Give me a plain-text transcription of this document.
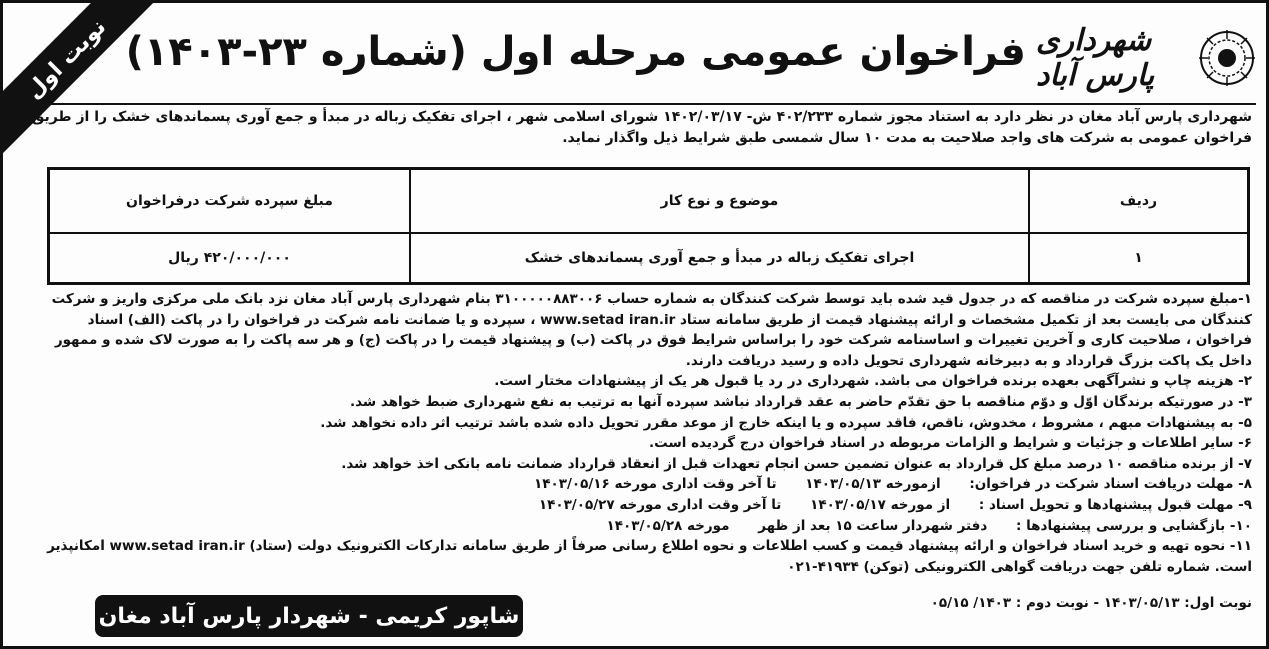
نوبت اول فراخوان عمومی مرحله اول (شماره ۲۳-۱۴۰۳) شهرداری پارس آباد
شهرداری پارس آباد مغان در نظر دارد به استناد مجوز شماره ۴۰۲/۲۳۳ ش- ۱۴۰۲/۰۳/۱۷ شورای اسلامی شهر ، اجرای تفکیک زباله در مبدأ و جمع آوری پسماندهای خشک را از طریق فراخوان عمومی به شرکت های واجد صلاحیت به مدت ۱۰ سال شمسی طبق شرایط ذیل واگذار نماید.
ردیف	موضوع و نوع کار	مبلغ سپرده شرکت درفراخوان
۱	اجرای تفکیک زباله در مبدأ و جمع آوری پسماندهای خشک	۴۲۰/۰۰۰/۰۰۰ ریال

۱-مبلغ سپرده شرکت در مناقصه که در جدول قید شده باید توسط شرکت کنندگان به شماره حساب ۳۱۰۰۰۰۰۸۸۳۰۰۶ بنام شهرداری پارس آباد مغان نزد بانک ملی مرکزی واریز و شرکت کنندگان می بایست بعد از تکمیل مشخصات و ارائه پیشنهاد قیمت از طریق سامانه ستاد www.setad iran.ir ، سپرده و یا ضمانت نامه شرکت در فراخوان را در پاکت (الف) اسناد فراخوان ، صلاحیت کاری و آخرین تغییرات و اساسنامه شرکت خود را براساس شرایط فوق در پاکت (ب) و پیشنهاد قیمت را در پاکت (ج) و هر سه پاکت را به صورت لاک شده و ممهور داخل یک پاکت بزرگ قرارداد و به دبیرخانه شهرداری تحویل داده و رسید دریافت دارند.

۲- هزینه چاپ و نشرآگهی بعهده برنده فراخوان می باشد. شهرداری در رد یا قبول هر یک از پیشنهادات مختار است.

۳- در صورتیکه برندگان اوّل و دوّم مناقصه با حق تقدّم حاضر به عقد قرارداد نباشد سپرده آنها به ترتیب به نفع شهرداری ضبط خواهد شد.

۵- به پیشنهادات مبهم ، مشروط ، مخدوش، ناقص، فاقد سپرده و یا اینکه خارج از موعد مقرر تحویل داده شده باشد ترتیب اثر داده نخواهد شد.

۶- سایر اطلاعات و جزئیات و شرایط و الزامات مربوطه در اسناد فراخوان درج گردیده است.

۷- از برنده مناقصه ۱۰ درصد مبلغ کل قرارداد به عنوان تضمین حسن انجام تعهدات قبل از انعقاد قرارداد ضمانت نامه بانکی اخذ خواهد شد.

۸- مهلت دریافت اسناد شرکت در فراخوان: ازمورخه ۱۴۰۳/۰۵/۱۳ تا آخر وقت اداری مورخه ۱۴۰۳/۰۵/۱۶

۹- مهلت قبول پیشنهادها و تحویل اسناد : از مورخه ۱۴۰۳/۰۵/۱۷ تا آخر وقت اداری مورخه ۱۴۰۳/۰۵/۲۷

۱۰- بازگشایی و بررسی پیشنهادها : دفتر شهردار ساعت ۱۵ بعد از ظهر مورخه ۱۴۰۳/۰۵/۲۸

۱۱- نحوه تهیه و خرید اسناد فراخوان و ارائه پیشنهاد قیمت و کسب اطلاعات و نحوه اطلاع رسانی صرفاً از طریق سامانه تدارکات الکترونیک دولت (ستاد) www.setad iran.ir امکانپذیر است. شماره تلفن جهت دریافت گواهی الکترونیکی (توکن) ۴۱۹۳۴-۰۲۱

نوبت اول: ۱۴۰۳/۰۵/۱۳ - نوبت دوم : ۱۴۰۳/ ۰۵/۱۵
شاپور کریمی - شهردار پارس آباد مغان
